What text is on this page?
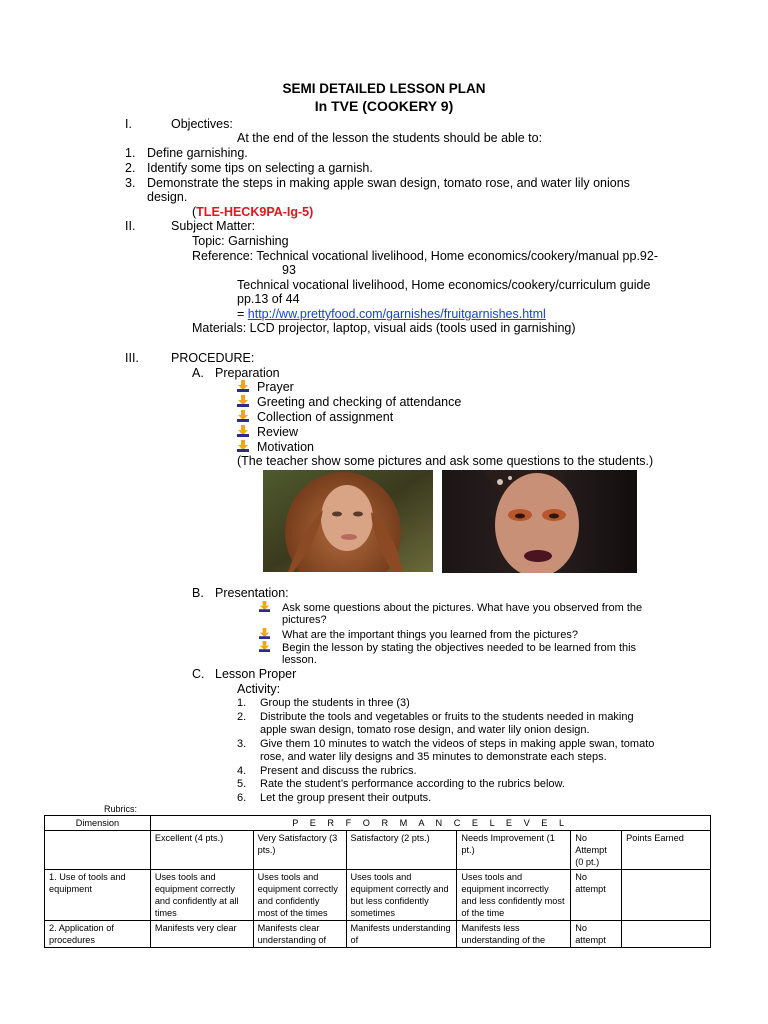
SEMI DETAILED LESSON PLAN
In TVE (COOKERY 9)
I.	Objectives:
At the end of the lesson the students should be able to:
1. Define garnishing.
2. Identify some tips on selecting a garnish.
3. Demonstrate the steps in making apple swan design, tomato rose, and water lily onions
design.
(TLE-HECK9PA-Ig-5)
II.	Subject Matter:
Topic: Garnishing
Reference: Technical vocational livelihood, Home economics/cookery/manual pp.92-
93
Technical vocational livelihood, Home economics/cookery/curriculum guide
pp.13 of 44
= http://ww.prettyfood.com/garnishes/fruitgarnishes.html
Materials: LCD projector, laptop, visual aids (tools used in garnishing)
III.	PROCEDURE:
A. Preparation
Prayer
Greeting and checking of attendance
Collection of assignment
Review
Motivation
(The teacher show some pictures and ask some questions to the students.)
B. Presentation:
Ask some questions about the pictures. What have you observed from the
pictures?
What are the important things you learned from the pictures?
Begin the lesson by stating the objectives needed to be learned from this
lesson.
C. Lesson Proper
Activity:
1. Group the students in three (3)
2. Distribute the tools and vegetables or fruits to the students needed in making
apple swan design, tomato rose design, and water lily onion design.
3. Give them 10 minutes to watch the videos of steps in making apple swan, tomato
rose, and water lily designs and 35 minutes to demonstrate each steps.
4. Present and discuss the rubrics.
5. Rate the student’s performance according to the rubrics below.
6. Let the group present their outputs.
Rubrics:
Dimension	P E R F O R M A N C E L E V E L					
	Excellent (4 pts.)	Very Satisfactory (3 pts.)	Satisfactory (2 pts.)	Needs Improvement (1 pt.)	No Attempt (0 pt.)	Points Earned
1. Use of tools and equipment	Uses tools and equipment correctly and confidently at all times	Uses tools and equipment correctly and confidently most of the times	Uses tools and equipment correctly and but less confidently sometimes	Uses tools and equipment incorrectly and less confidently most of the time	No attempt	
2. Application of procedures	Manifests very clear	Manifests clear understanding of	Manifests understanding of	Manifests less understanding of the	No attempt	
